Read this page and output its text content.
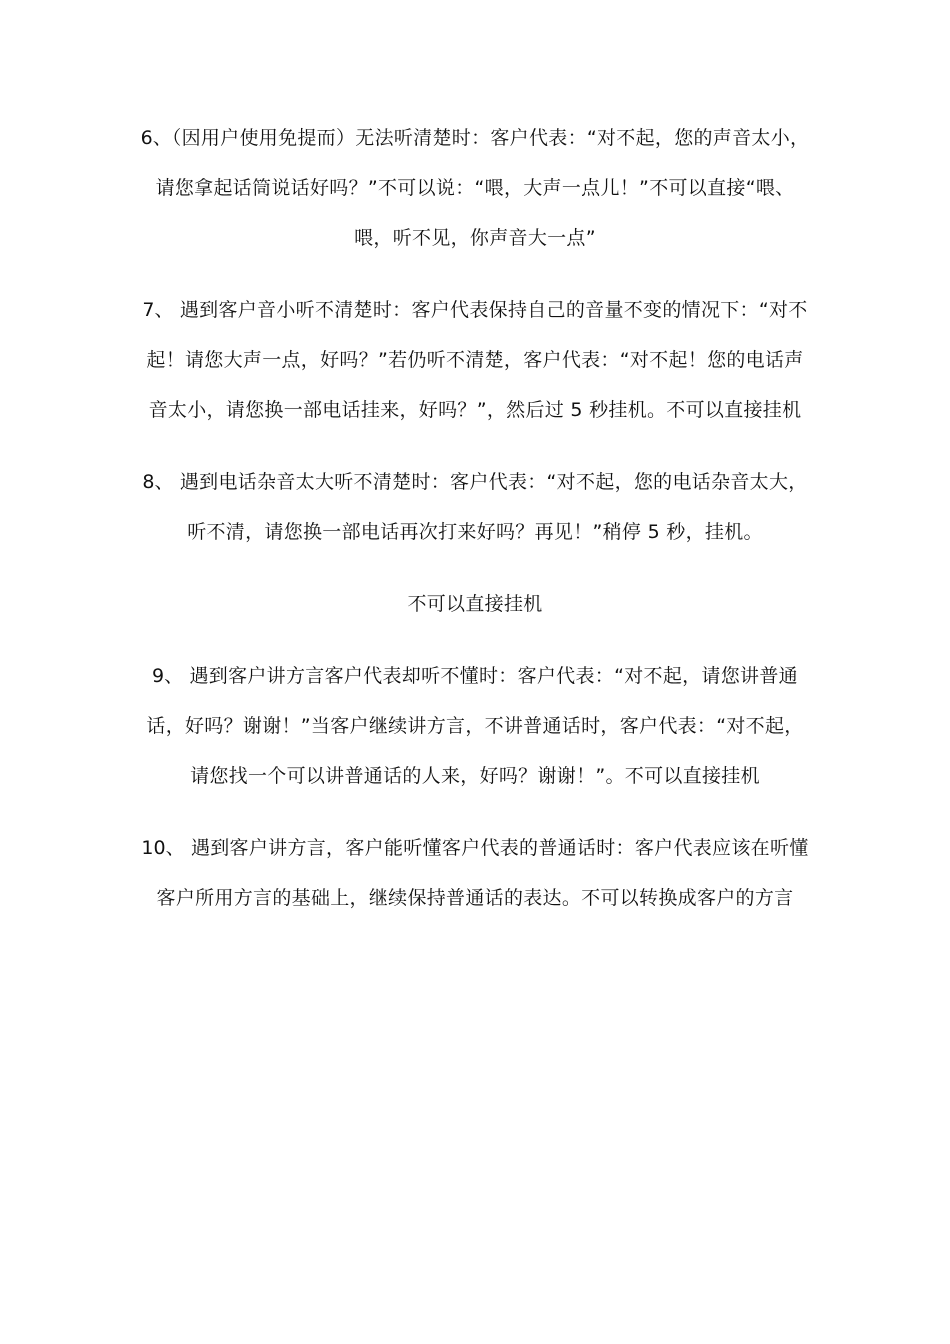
6、（因用户使用免提而）无法听清楚时：客户代表：“对不起，您的声音太小，请您拿起话筒说话好吗？”不可以说：“喂，大声一点儿！”不可以直接“喂、喂，听不见，你声音大一点”

7、 遇到客户音小听不清楚时：客户代表保持自己的音量不变的情况下：“对不起！请您大声一点，好吗？”若仍听不清楚，客户代表：“对不起！您的电话声音太小，请您换一部电话挂来，好吗？”，然后过 5 秒挂机。不可以直接挂机

8、 遇到电话杂音太大听不清楚时：客户代表：“对不起，您的电话杂音太大，听不清，请您换一部电话再次打来好吗？再见！”稍停 5 秒，挂机。

不可以直接挂机

9、 遇到客户讲方言客户代表却听不懂时：客户代表：“对不起，请您讲普通话，好吗？谢谢！”当客户继续讲方言，不讲普通话时，客户代表：“对不起，请您找一个可以讲普通话的人来，好吗？谢谢！”。不可以直接挂机

10、 遇到客户讲方言，客户能听懂客户代表的普通话时：客户代表应该在听懂客户所用方言的基础上，继续保持普通话的表达。不可以转换成客户的方言
